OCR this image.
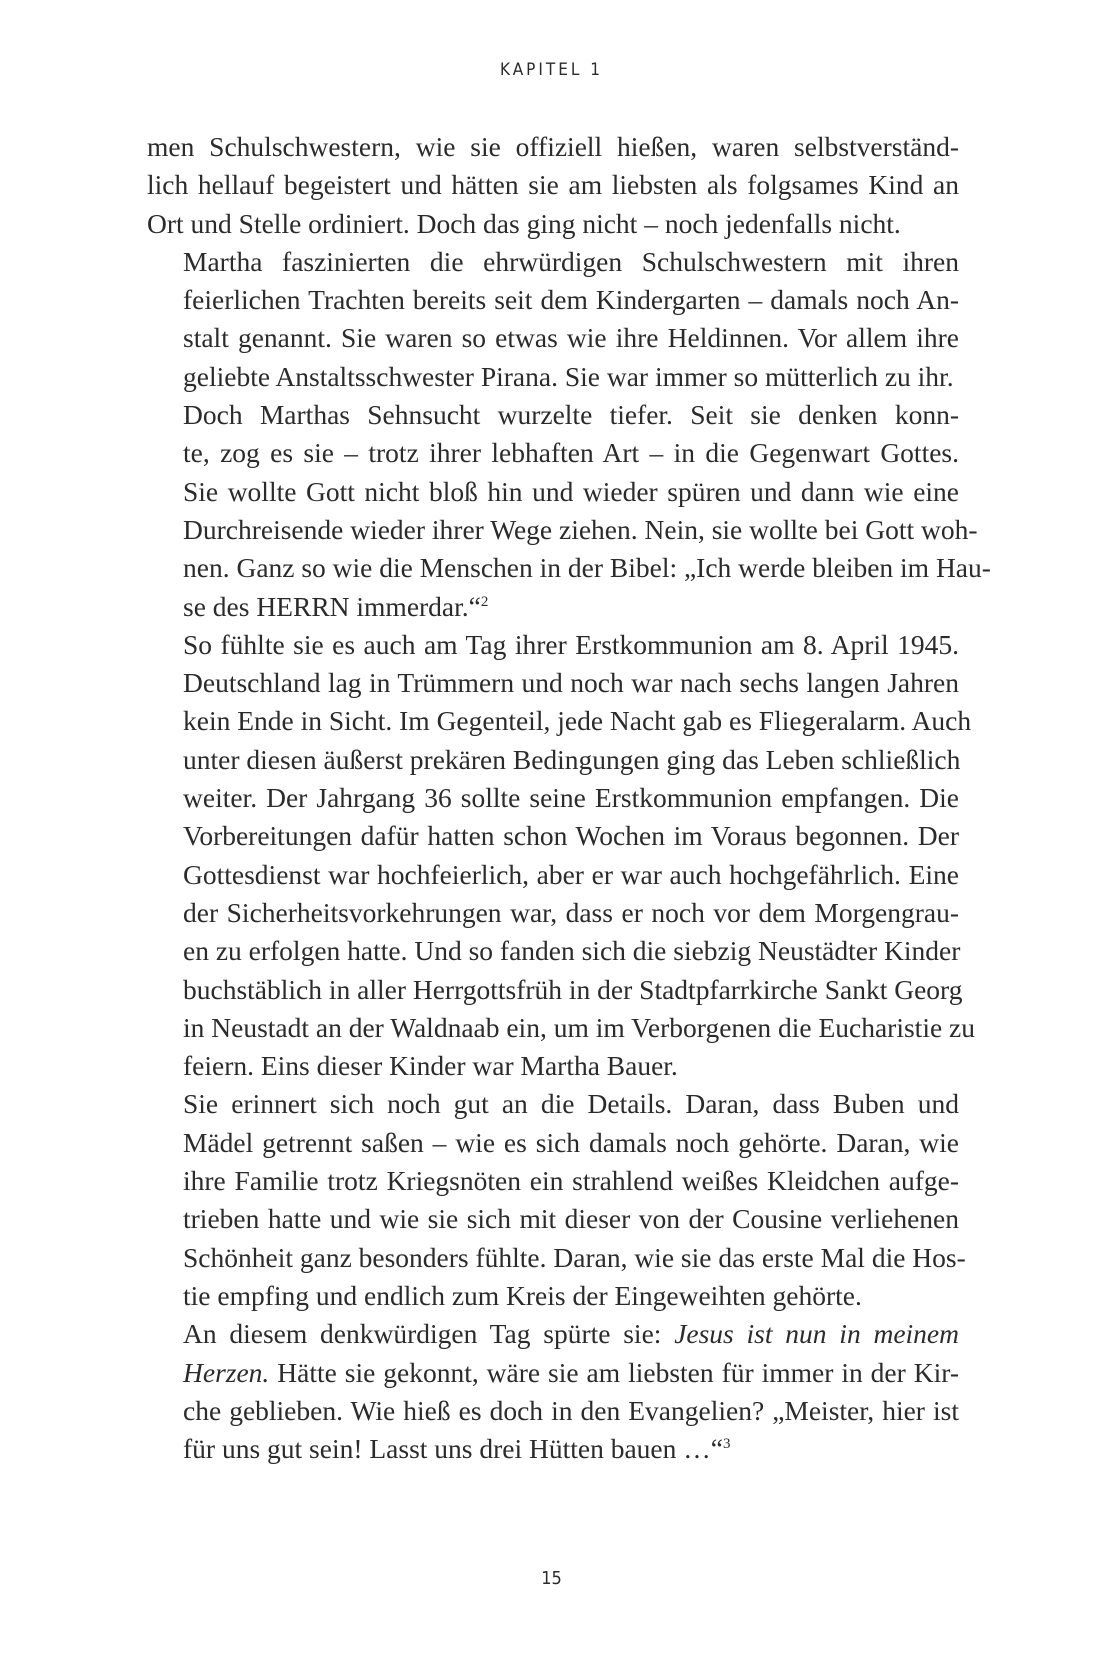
KAPITEL 1

men Schulschwestern, wie sie offiziell hießen, waren selbstverständ-
lich hellauf begeistert und hätten sie am liebsten als folgsames Kind an
Ort und Stelle ordiniert. Doch das ging nicht – noch jedenfalls nicht.

Martha faszinierten die ehrwürdigen Schulschwestern mit ihren
feierlichen Trachten bereits seit dem Kindergarten – damals noch An-
stalt genannt. Sie waren so etwas wie ihre Heldinnen. Vor allem ihre
geliebte Anstaltsschwester Pirana. Sie war immer so mütterlich zu ihr.

Doch Marthas Sehnsucht wurzelte tiefer. Seit sie denken konn-
te, zog es sie – trotz ihrer lebhaften Art – in die Gegenwart Gottes.
Sie wollte Gott nicht bloß hin und wieder spüren und dann wie eine
Durchreisende wieder ihrer Wege ziehen. Nein, sie wollte bei Gott woh-
nen. Ganz so wie die Menschen in der Bibel: „Ich werde bleiben im Hau-
se des HERRN immerdar.“$^2$

So fühlte sie es auch am Tag ihrer Erstkommunion am 8. April 1945.
Deutschland lag in Trümmern und noch war nach sechs langen Jahren
kein Ende in Sicht. Im Gegenteil, jede Nacht gab es Fliegeralarm. Auch
unter diesen äußerst prekären Bedingungen ging das Leben schließlich
weiter. Der Jahrgang 36 sollte seine Erstkommunion empfangen. Die
Vorbereitungen dafür hatten schon Wochen im Voraus begonnen. Der
Gottesdienst war hochfeierlich, aber er war auch hochgefährlich. Eine
der Sicherheitsvorkehrungen war, dass er noch vor dem Morgengrau-
en zu erfolgen hatte. Und so fanden sich die siebzig Neustädter Kinder
buchstäblich in aller Herrgottsfrüh in der Stadtpfarrkirche Sankt Georg
in Neustadt an der Waldnaab ein, um im Verborgenen die Eucharistie zu
feiern. Eins dieser Kinder war Martha Bauer.

Sie erinnert sich noch gut an die Details. Daran, dass Buben und
Mädel getrennt saßen – wie es sich damals noch gehörte. Daran, wie
ihre Familie trotz Kriegsnöten ein strahlend weißes Kleidchen aufge-
trieben hatte und wie sie sich mit dieser von der Cousine verliehenen
Schönheit ganz besonders fühlte. Daran, wie sie das erste Mal die Hos-
tie empfing und endlich zum Kreis der Eingeweihten gehörte.

An diesem denkwürdigen Tag spürte sie: Jesus ist nun in meinem
Herzen. Hätte sie gekonnt, wäre sie am liebsten für immer in der Kir-
che geblieben. Wie hieß es doch in den Evangelien? „Meister, hier ist
für uns gut sein! Lasst uns drei Hütten bauen …“$^3$

15
